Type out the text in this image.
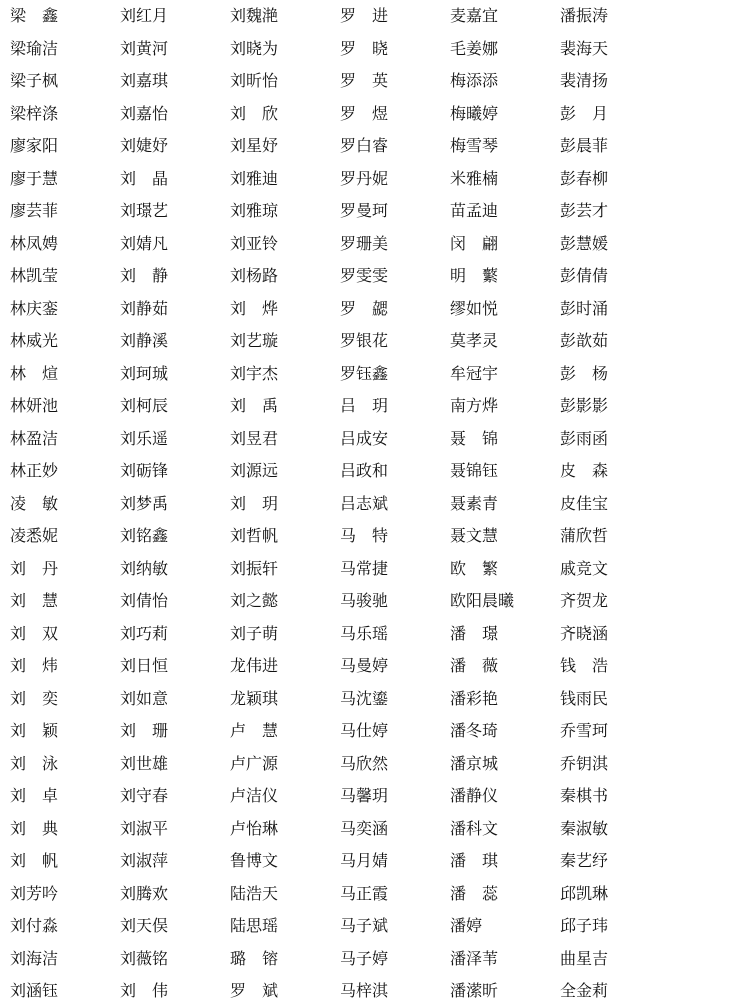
梁 鑫
梁瑜洁
梁子枫
梁梓涤
廖家阳
廖于慧
廖芸菲
林凤娉
林凯莹
林庆銮
林威光
林 煊
林妍池
林盈洁
林正妙
凌 敏
凌悉妮
刘 丹
刘 慧
刘 双
刘 炜
刘 奕
刘 颖
刘 泳
刘 卓
刘 典
刘 帆
刘芳吟
刘付淼
刘海洁
刘涵钰
刘红月
刘黄河
刘嘉琪
刘嘉怡
刘婕妤
刘 晶
刘璟艺
刘婧凡
刘 静
刘静茹
刘静溪
刘珂珹
刘柯辰
刘乐遥
刘砺锋
刘梦禹
刘铭鑫
刘纳敏
刘倩怡
刘巧莉
刘日恒
刘如意
刘 珊
刘世雄
刘守春
刘淑平
刘淑萍
刘腾欢
刘天俣
刘薇铭
刘 伟
刘魏滟
刘晓为
刘昕怡
刘 欣
刘星妤
刘雅迪
刘雅琼
刘亚铃
刘杨路
刘 烨
刘艺璇
刘宇杰
刘 禹
刘昱君
刘源远
刘 玥
刘哲帆
刘振轩
刘之懿
刘子萌
龙伟进
龙颖琪
卢 慧
卢广源
卢洁仪
卢怡琳
鲁博文
陆浩天
陆思瑶
璐 镕
罗 斌
罗 进
罗 晓
罗 英
罗 煜
罗白睿
罗丹妮
罗曼珂
罗珊美
罗雯雯
罗 勰
罗银花
罗钰鑫
吕 玥
吕成安
吕政和
吕志斌
马 特
马常捷
马骏驰
马乐瑶
马曼婷
马沈鎏
马仕婷
马欣然
马馨玥
马奕涵
马月婧
马正霞
马子斌
马子婷
马梓淇
麦嘉宜
毛姜娜
梅添添
梅曦婷
梅雪琴
米雅楠
苗孟迪
闵 翩
明 蘩
缪如悦
莫孝灵
牟冠宇
南方烨
聂 锦
聂锦钰
聂素青
聂文慧
欧 繁
欧阳晨曦
潘 璟
潘 薇
潘彩艳
潘冬琦
潘京城
潘静仪
潘科文
潘 琪
潘 蕊
潘婷
潘泽苇
潘潆昕
潘振涛
裴海天
裴清扬
彭 月
彭晨菲
彭春柳
彭芸才
彭慧媛
彭倩倩
彭时涌
彭歆茹
彭 杨
彭影影
彭雨函
皮 森
皮佳宝
蒲欣哲
戚竞文
齐贺龙
齐晓涵
钱 浩
钱雨民
乔雪珂
乔钥淇
秦棋书
秦淑敏
秦艺纾
邱凯琳
邱子玮
曲星吉
全金莉
